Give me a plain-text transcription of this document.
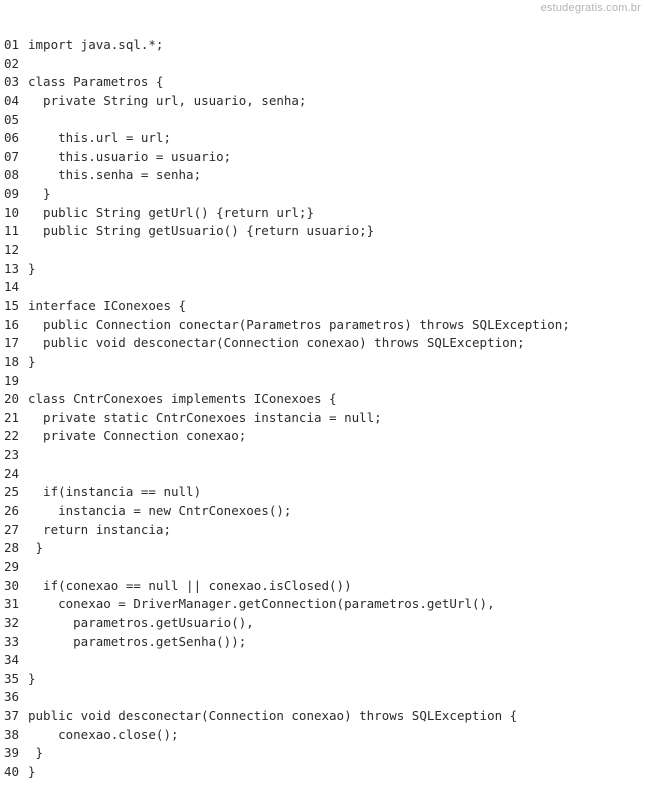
estudegratis.com.br
01 import java.sql.*;
02
03 class Parametros {
04 private String url, usuario, senha;
05
06 this.url = url;
07 this.usuario = usuario;
08 this.senha = senha;
09 }
10 public String getUrl() {return url;}
11 public String getUsuario() {return usuario;}
12
13 }
14
15 interface IConexoes {
16 public Connection conectar(Parametros parametros) throws SQLException;
17 public void desconectar(Connection conexao) throws SQLException;
18 }
19
20 class CntrConexoes implements IConexoes {
21 private static CntrConexoes instancia = null;
22 private Connection conexao;
23
24
25 if(instancia == null)
26 instancia = new CntrConexoes();
27 return instancia;
28 }
29
30 if(conexao == null || conexao.isClosed())
31 conexao = DriverManager.getConnection(parametros.getUrl(),
32 parametros.getUsuario(),
33 parametros.getSenha());
34
35 }
36
37 public void desconectar(Connection conexao) throws SQLException {
38 conexao.close();
39 }
40 }
